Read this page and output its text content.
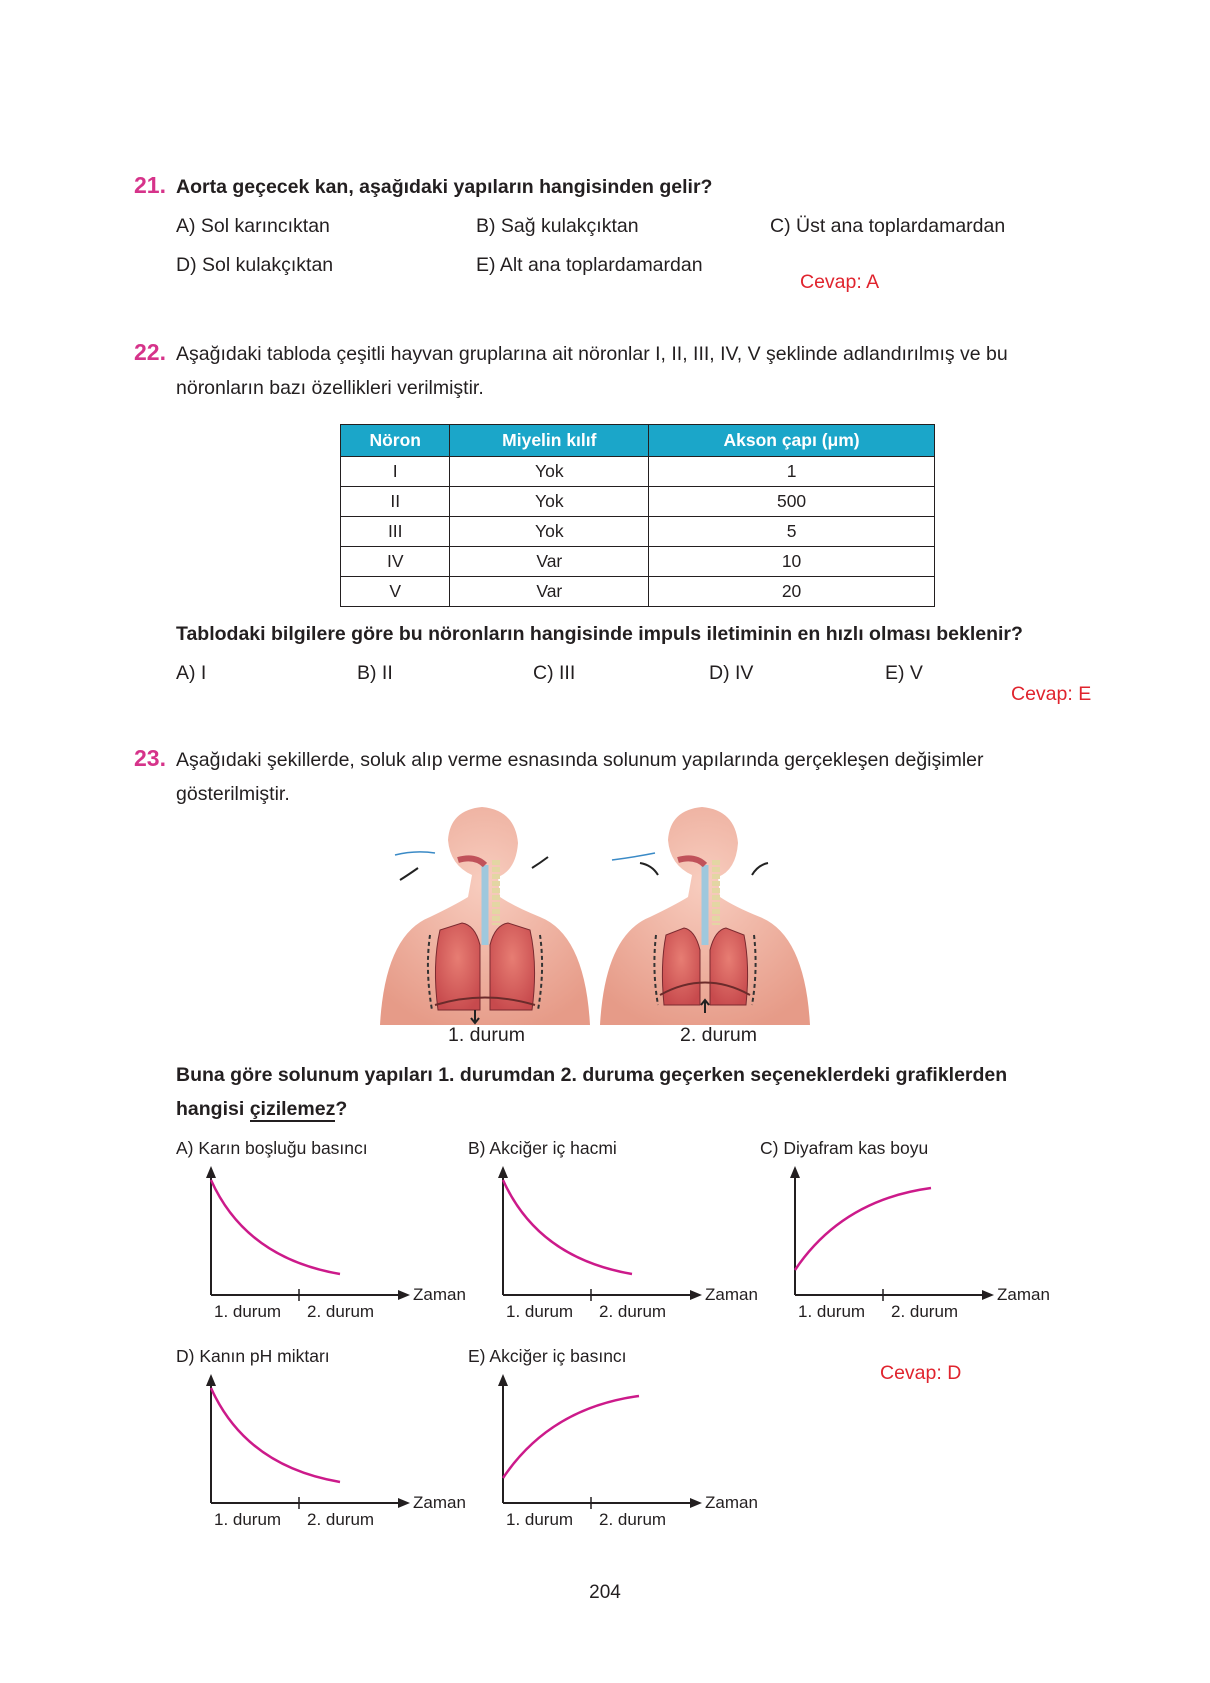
21. Aorta geçecek kan, aşağıdaki yapıların hangisinden gelir?
A) Sol karıncıktan	B) Sağ kulakçıktan	C) Üst ana toplardamardan
D) Sol kulakçıktan	E) Alt ana toplardamardan
Cevap: A
22. Aşağıdaki tabloda çeşitli hayvan gruplarına ait nöronlar I, II, III, IV, V şeklinde adlandırılmış ve bu
nöronların bazı özellikleri verilmiştir.
Nöron	Miyelin kılıf	Akson çapı (μm)
I	Yok	1
II	Yok	500
III	Yok	5
IV	Var	10
V	Var	20
Tablodaki bilgilere göre bu nöronların hangisinde impuls iletiminin en hızlı olması beklenir?
A) I	B) II	C) III	D) IV	E) V
Cevap: E
23. Aşağıdaki şekillerde, soluk alıp verme esnasında solunum yapılarında gerçekleşen değişimler
gösterilmiştir.
1. durum	2. durum
Buna göre solunum yapıları 1. durumdan 2. duruma geçerken seçeneklerdeki grafiklerden
hangisi çizilemez?
A) Karın boşluğu basıncı
1. durum 2. durum
Zaman
B) Akciğer iç hacmi
1. durum 2. durum
Zaman
C) Diyafram kas boyu
1. durum 2. durum
Zaman
D) Kanın pH miktarı
1. durum 2. durum
Zaman
E) Akciğer iç basıncı
1. durum 2. durum
Zaman
Cevap: D
204
